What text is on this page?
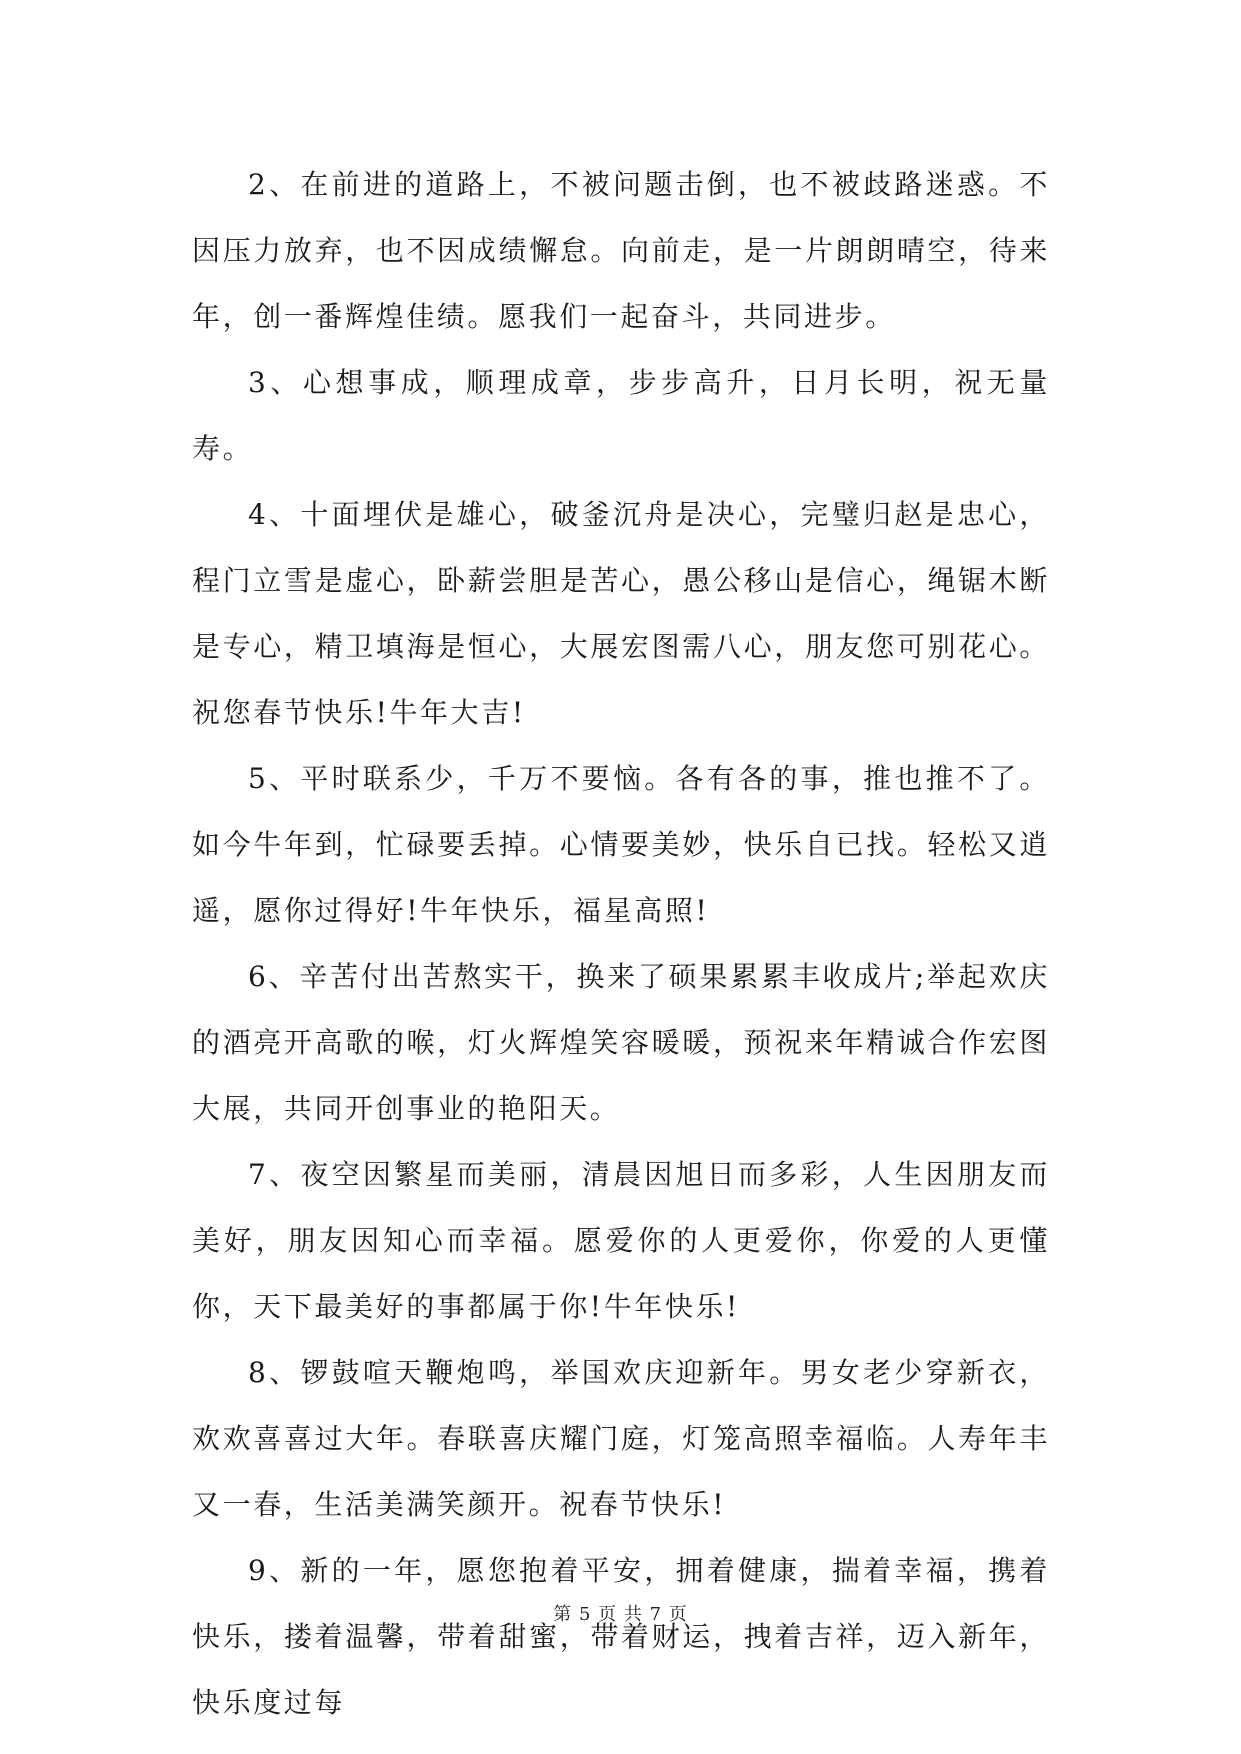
2、在前进的道路上，不被问题击倒，也不被歧路迷惑。不因压力放弃，也不因成绩懈怠。向前走，是一片朗朗晴空，待来年，创一番辉煌佳绩。愿我们一起奋斗，共同进步。

3、心想事成，顺理成章，步步高升，日月长明，祝无量寿。

4、十面埋伏是雄心，破釜沉舟是决心，完璧归赵是忠心，程门立雪是虚心，卧薪尝胆是苦心，愚公移山是信心，绳锯木断是专心，精卫填海是恒心，大展宏图需八心，朋友您可别花心。祝您春节快乐!牛年大吉!

5、平时联系少，千万不要恼。各有各的事，推也推不了。如今牛年到，忙碌要丢掉。心情要美妙，快乐自已找。轻松又逍遥，愿你过得好!牛年快乐，福星高照!

6、辛苦付出苦熬实干，换来了硕果累累丰收成片;举起欢庆的酒亮开高歌的喉，灯火辉煌笑容暖暖，预祝来年精诚合作宏图大展，共同开创事业的艳阳天。

7、夜空因繁星而美丽，清晨因旭日而多彩，人生因朋友而美好，朋友因知心而幸福。愿爱你的人更爱你，你爱的人更懂你，天下最美好的事都属于你!牛年快乐!

8、锣鼓喧天鞭炮鸣，举国欢庆迎新年。男女老少穿新衣，欢欢喜喜过大年。春联喜庆耀门庭，灯笼高照幸福临。人寿年丰又一春，生活美满笑颜开。祝春节快乐!

9、新的一年，愿您抱着平安，拥着健康，揣着幸福，携着快乐，搂着温馨，带着甜蜜，带着财运，拽着吉祥，迈入新年，快乐度过每

第 5 页 共 7 页
